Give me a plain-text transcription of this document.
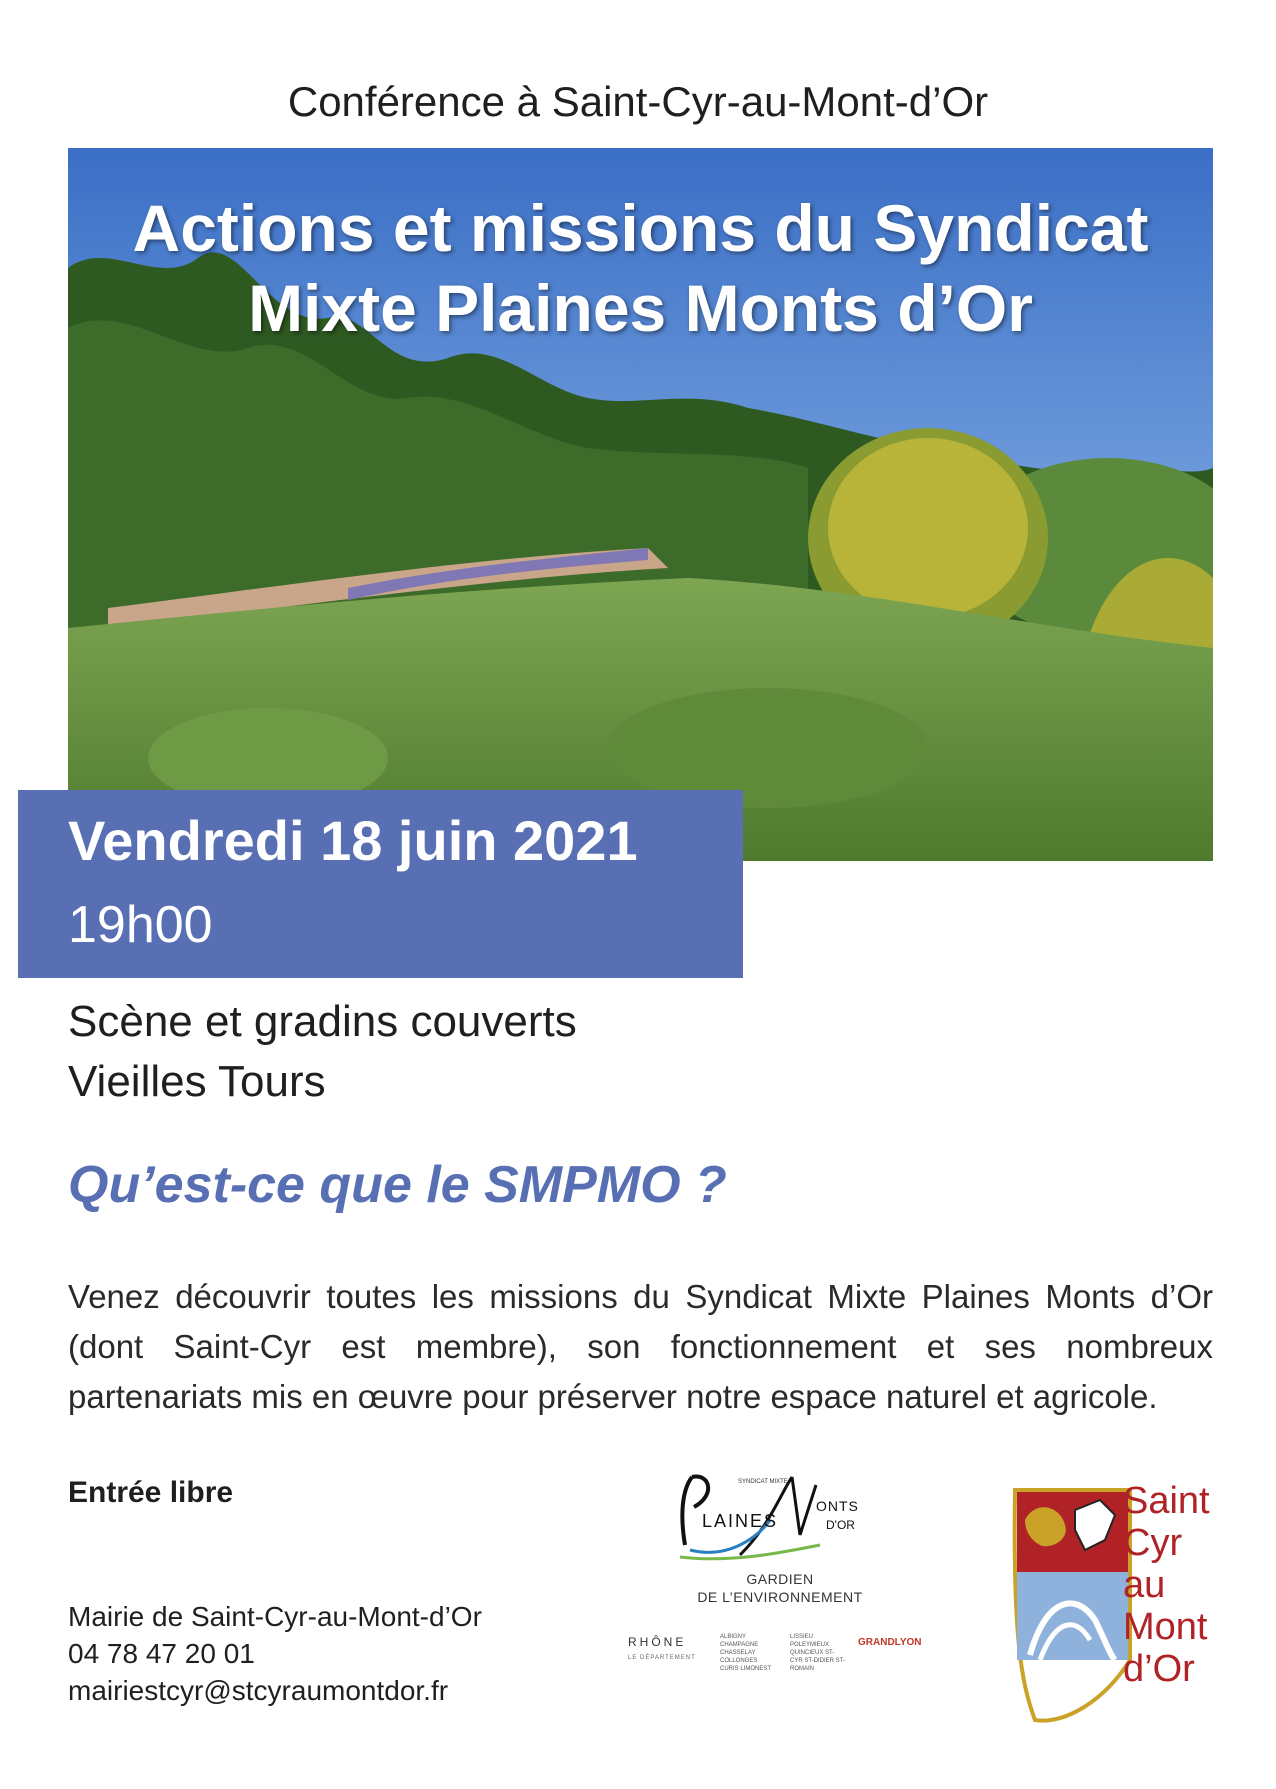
Conférence à Saint-Cyr-au-Mont-d’Or
Actions et missions du Syndicat
Mixte Plaines Monts d’Or
Vendredi 18 juin 2021
19h00
Scène et gradins couverts
Vieilles Tours
Qu’est-ce que le SMPMO ?

Venez découvrir toutes les missions du Syndicat Mixte Plaines Monts d’Or (dont Saint-Cyr est membre), son fonctionnement et ses nombreux partenariats mis en œuvre pour préserver notre espace naturel et agricole.

Entrée libre
Mairie de Saint-Cyr-au-Mont-d’Or
04 78 47 20 01
mairiestcyr@stcyraumontdor.fr
LAINES
ONTS
D'OR
SYNDICAT MIXTE
GARDIEN
DE L’ENVIRONNEMENT
RHÔNE
LE DÉPARTEMENT
ALBIGNY CHAMPAGNE CHASSELAY COLLONGES CURIS LIMONEST
LISSIEU POLEYMIEUX QUINCIEUX ST-CYR ST-DIDIER ST-ROMAIN
GRANDLYON
Saint
Cyr
au
Mont
d’Or
